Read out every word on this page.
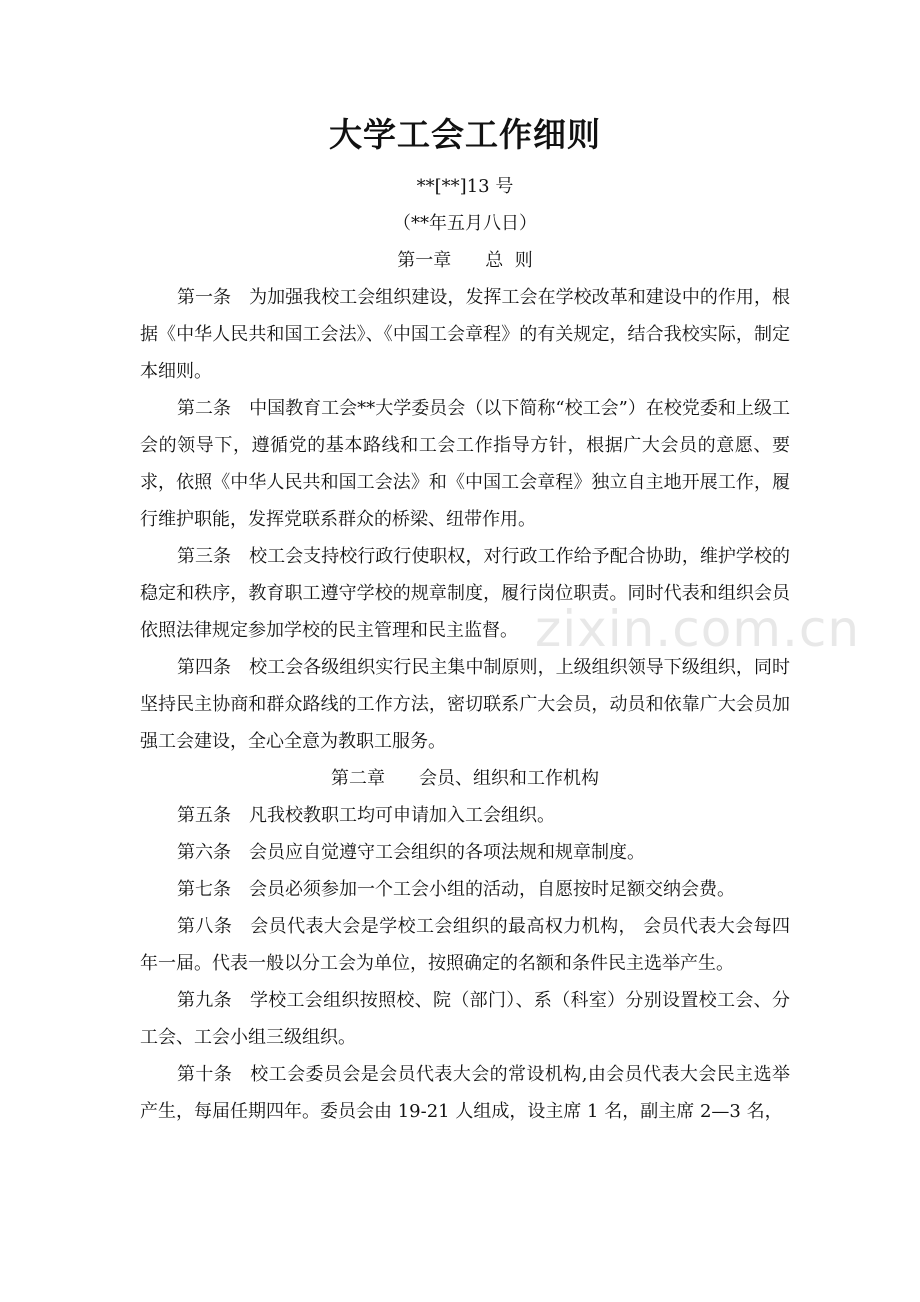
zixin.com.cn
大学工会工作细则

**[**]13 号

（**年五月八日）

第一章 总  则

第一条 为加强我校工会组织建设，发挥工会在学校改革和建设中的作用，根据《中华人民共和国工会法》、《中国工会章程》的有关规定，结合我校实际，制定本细则。

第二条 中国教育工会**大学委员会（以下简称“校工会”）在校党委和上级工会的领导下，遵循党的基本路线和工会工作指导方针，根据广大会员的意愿、要求，依照《中华人民共和国工会法》和《中国工会章程》独立自主地开展工作，履行维护职能，发挥党联系群众的桥梁、纽带作用。

第三条 校工会支持校行政行使职权，对行政工作给予配合协助，维护学校的稳定和秩序，教育职工遵守学校的规章制度，履行岗位职责。同时代表和组织会员依照法律规定参加学校的民主管理和民主监督。

第四条 校工会各级组织实行民主集中制原则，上级组织领导下级组织，同时坚持民主协商和群众路线的工作方法，密切联系广大会员，动员和依靠广大会员加强工会建设，全心全意为教职工服务。

第二章 会员、组织和工作机构

第五条 凡我校教职工均可申请加入工会组织。

第六条 会员应自觉遵守工会组织的各项法规和规章制度。

第七条 会员必须参加一个工会小组的活动，自愿按时足额交纳会费。

第八条 会员代表大会是学校工会组织的最高权力机构， 会员代表大会每四年一届。代表一般以分工会为单位，按照确定的名额和条件民主选举产生。

第九条 学校工会组织按照校、院（部门）、系（科室）分别设置校工会、分工会、工会小组三级组织。

第十条 校工会委员会是会员代表大会的常设机构,由会员代表大会民主选举产生，每届任期四年。委员会由 19-21 人组成，设主席 1 名，副主席 2—3 名，
